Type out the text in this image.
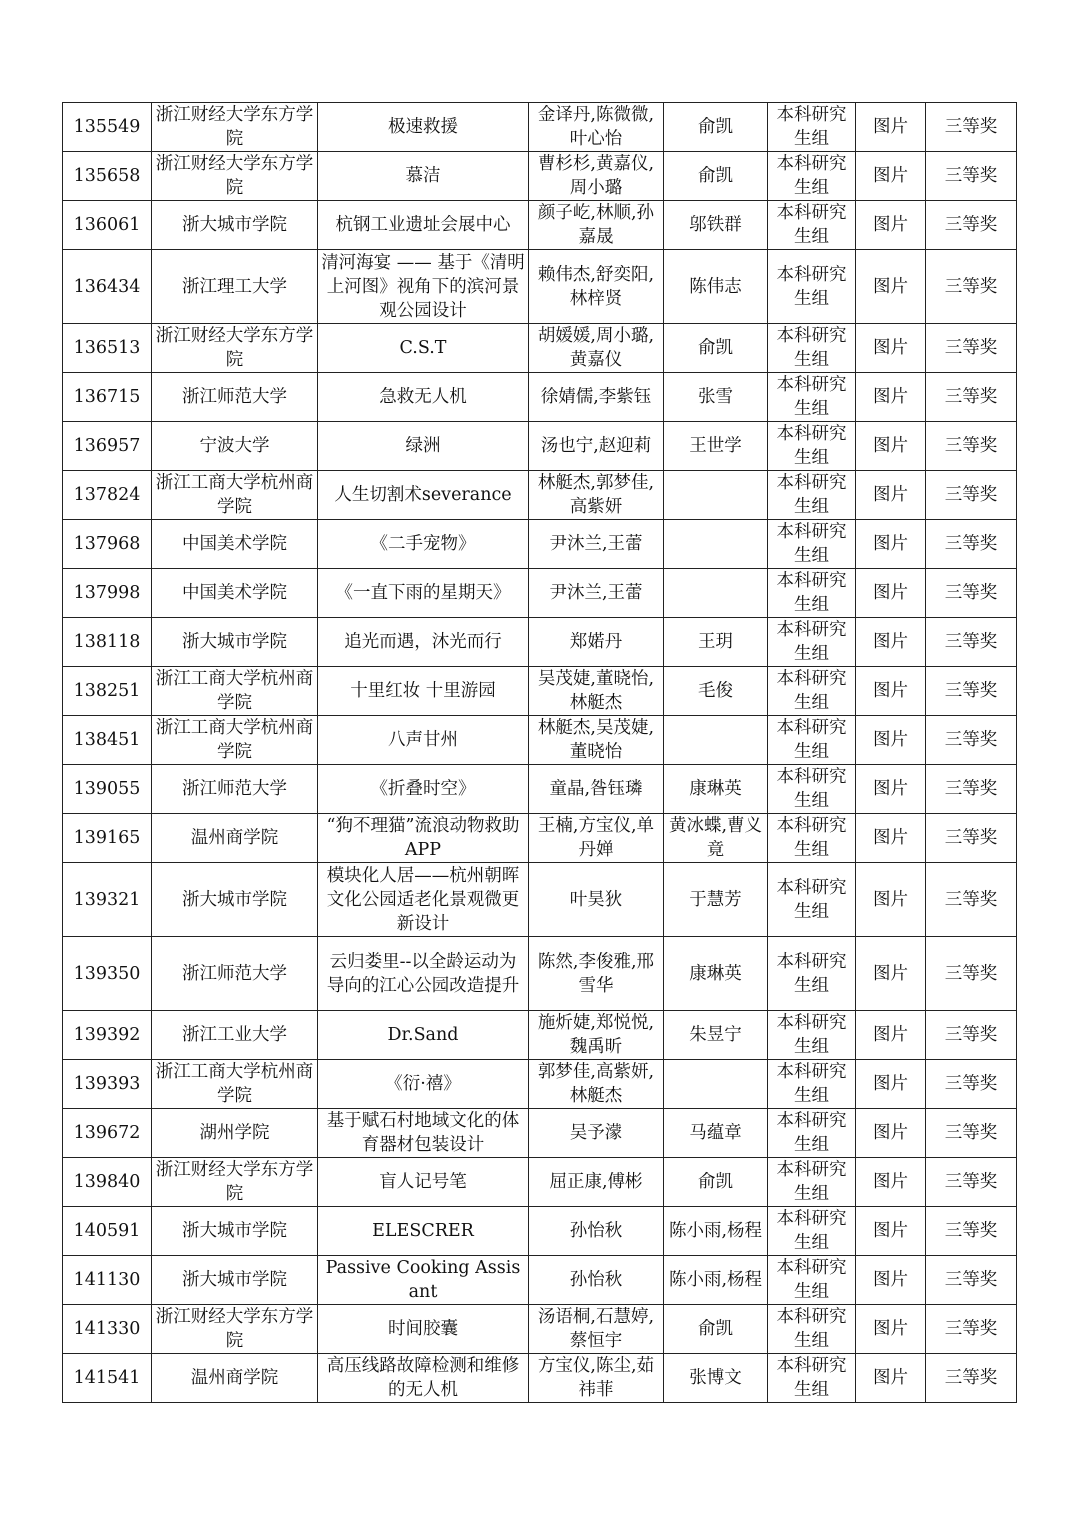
135549	浙江财经大学东方学院	极速救援	金译丹,陈微微,叶心怡	俞凯	本科研究生组	图片	三等奖
135658	浙江财经大学东方学院	慕洁	曹杉杉,黄嘉仪,周小璐	俞凯	本科研究生组	图片	三等奖
136061	浙大城市学院	杭钢工业遗址会展中心	颜子屹,林顺,孙嘉晟	邬铁群	本科研究生组	图片	三等奖
136434	浙江理工大学	清河海宴 —— 基于《清明上河图》视角下的滨河景观公园设计	赖伟杰,舒奕阳,林梓贤	陈伟志	本科研究生组	图片	三等奖
136513	浙江财经大学东方学院	C.S.T	胡媛媛,周小璐,黄嘉仪	俞凯	本科研究生组	图片	三等奖
136715	浙江师范大学	急救无人机	徐婧儒,李紫钰	张雪	本科研究生组	图片	三等奖
136957	宁波大学	绿洲	汤也宁,赵迎莉	王世学	本科研究生组	图片	三等奖
137824	浙江工商大学杭州商学院	人生切割术severance	林艇杰,郭梦佳,高紫妍		本科研究生组	图片	三等奖
137968	中国美术学院	《二手宠物》	尹沐兰,王蕾		本科研究生组	图片	三等奖
137998	中国美术学院	《一直下雨的星期天》	尹沐兰,王蕾		本科研究生组	图片	三等奖
138118	浙大城市学院	追光而遇，沐光而行	郑婼丹	王玥	本科研究生组	图片	三等奖
138251	浙江工商大学杭州商学院	十里红妆 十里游园	吴茂婕,董晓怡,林艇杰	毛俊	本科研究生组	图片	三等奖
138451	浙江工商大学杭州商学院	八声甘州	林艇杰,吴茂婕,董晓怡		本科研究生组	图片	三等奖
139055	浙江师范大学	《折叠时空》	童晶,昝钰璘	康琳英	本科研究生组	图片	三等奖
139165	温州商学院	“狗不理猫”流浪动物救助APP	王楠,方宝仪,单丹婵	黄冰蝶,曹义竟	本科研究生组	图片	三等奖
139321	浙大城市学院	模块化人居——杭州朝晖文化公园适老化景观微更新设计	叶昊狄	于慧芳	本科研究生组	图片	三等奖
139350	浙江师范大学	云归娄里--以全龄运动为导向的江心公园改造提升	陈然,李俊雅,邢雪华	康琳英	本科研究生组	图片	三等奖
139392	浙江工业大学	Dr.Sand	施炘婕,郑悦悦,魏禹昕	朱昱宁	本科研究生组	图片	三等奖
139393	浙江工商大学杭州商学院	《衍·禧》	郭梦佳,高紫妍,林艇杰		本科研究生组	图片	三等奖
139672	湖州学院	基于赋石村地域文化的体育器材包装设计	吴予濛	马蕴章	本科研究生组	图片	三等奖
139840	浙江财经大学东方学院	盲人记号笔	屈正康,傅彬	俞凯	本科研究生组	图片	三等奖
140591	浙大城市学院	ELESCRER	孙怡秋	陈小雨,杨程	本科研究生组	图片	三等奖
141130	浙大城市学院	Passive Cooking Assisant	孙怡秋	陈小雨,杨程	本科研究生组	图片	三等奖
141330	浙江财经大学东方学院	时间胶囊	汤语桐,石慧婷,蔡恒宇	俞凯	本科研究生组	图片	三等奖
141541	温州商学院	高压线路故障检测和维修的无人机	方宝仪,陈尘,茹祎菲	张博文	本科研究生组	图片	三等奖
